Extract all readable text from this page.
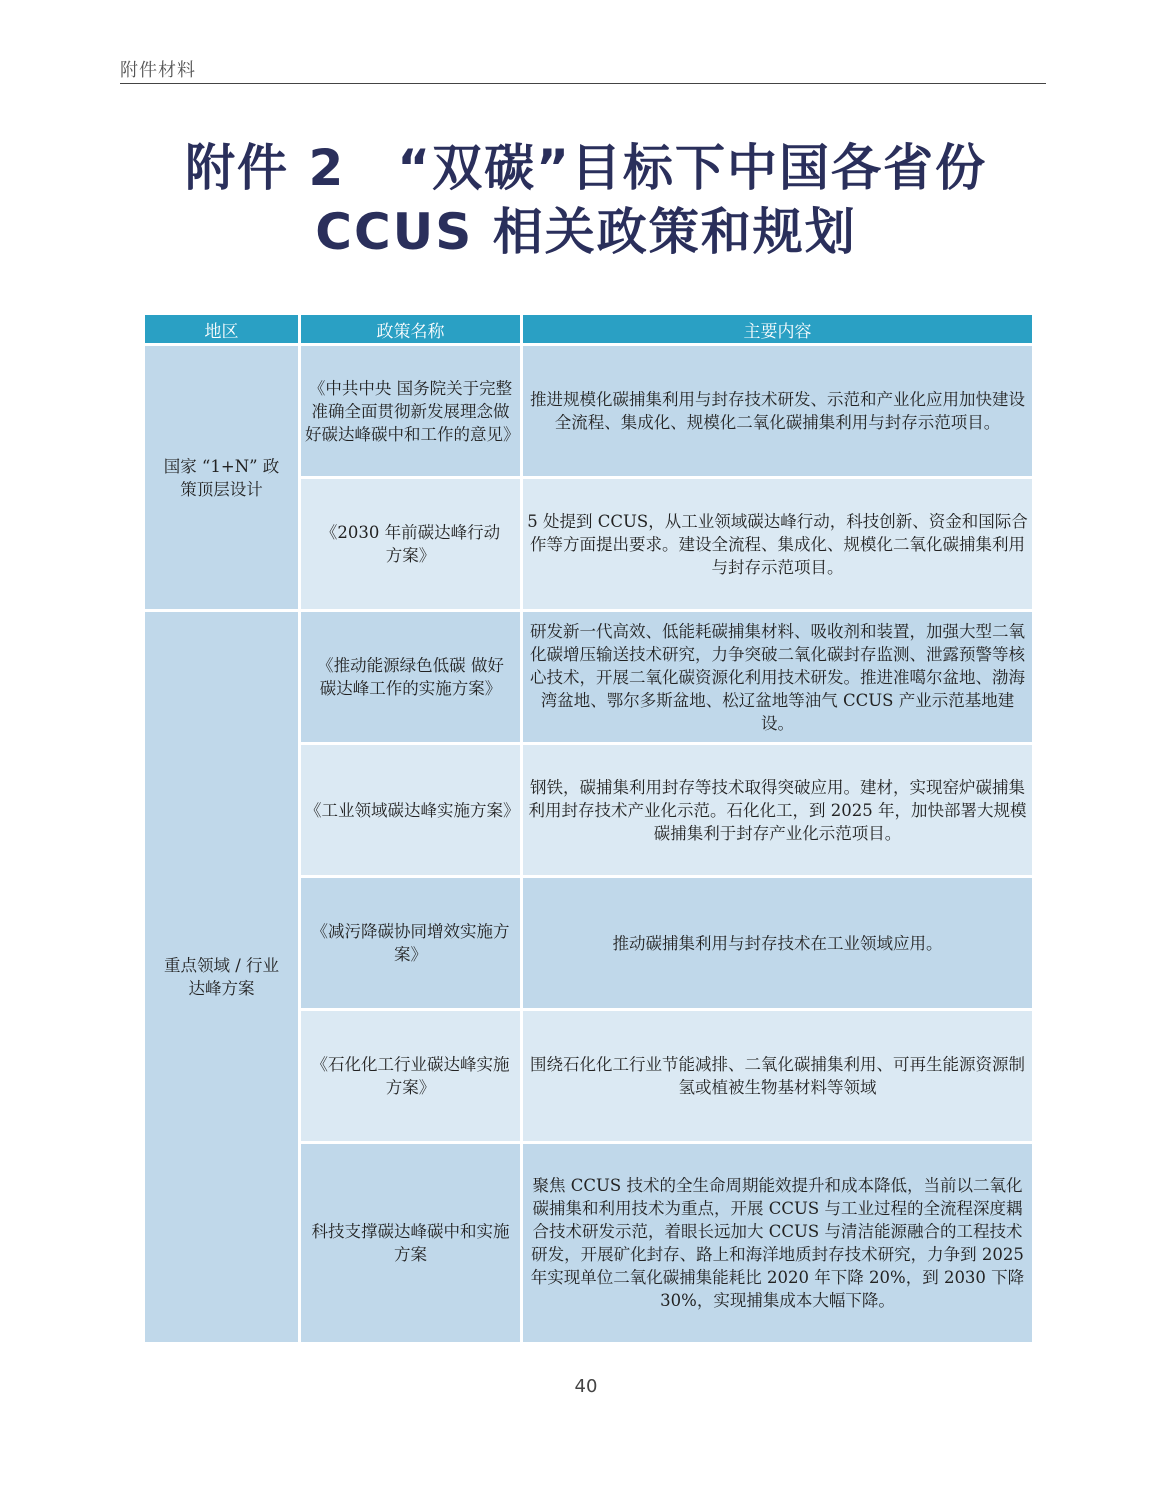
附件材料
附件 2　“双碳”目标下中国各省份
CCUS 相关政策和规划
地区	政策名称	主要内容
国家 “1+N” 政策顶层设计	《中共中央 国务院关于完整准确全面贯彻新发展理念做好碳达峰碳中和工作的意见》	推进规模化碳捕集利用与封存技术研发、示范和产业化应用加快建设全流程、集成化、规模化二氧化碳捕集利用与封存示范项目。
	《2030 年前碳达峰行动方案》	5 处提到 CCUS，从工业领域碳达峰行动，科技创新、资金和国际合作等方面提出要求。建设全流程、集成化、规模化二氧化碳捕集利用与封存示范项目。
重点领域 / 行业达峰方案	《推动能源绿色低碳 做好碳达峰工作的实施方案》	研发新一代高效、低能耗碳捕集材料、吸收剂和装置，加强大型二氧化碳增压输送技术研究，力争突破二氧化碳封存监测、泄露预警等核心技术，开展二氧化碳资源化利用技术研发。推进准噶尔盆地、渤海湾盆地、鄂尔多斯盆地、松辽盆地等油气 CCUS 产业示范基地建设。
	《工业领域碳达峰实施方案》	钢铁，碳捕集利用封存等技术取得突破应用。建材，实现窑炉碳捕集利用封存技术产业化示范。石化化工，到 2025 年，加快部署大规模碳捕集利于封存产业化示范项目。
	《减污降碳协同增效实施方案》	推动碳捕集利用与封存技术在工业领域应用。
	《石化化工行业碳达峰实施方案》	围绕石化化工行业节能减排、二氧化碳捕集利用、可再生能源资源制氢或植被生物基材料等领域
	科技支撑碳达峰碳中和实施方案	聚焦 CCUS 技术的全生命周期能效提升和成本降低，当前以二氧化碳捕集和利用技术为重点，开展 CCUS 与工业过程的全流程深度耦合技术研发示范，着眼长远加大 CCUS 与清洁能源融合的工程技术研发，开展矿化封存、路上和海洋地质封存技术研究，力争到 2025 年实现单位二氧化碳捕集能耗比 2020 年下降 20%，到 2030 下降 30%，实现捕集成本大幅下降。
40
